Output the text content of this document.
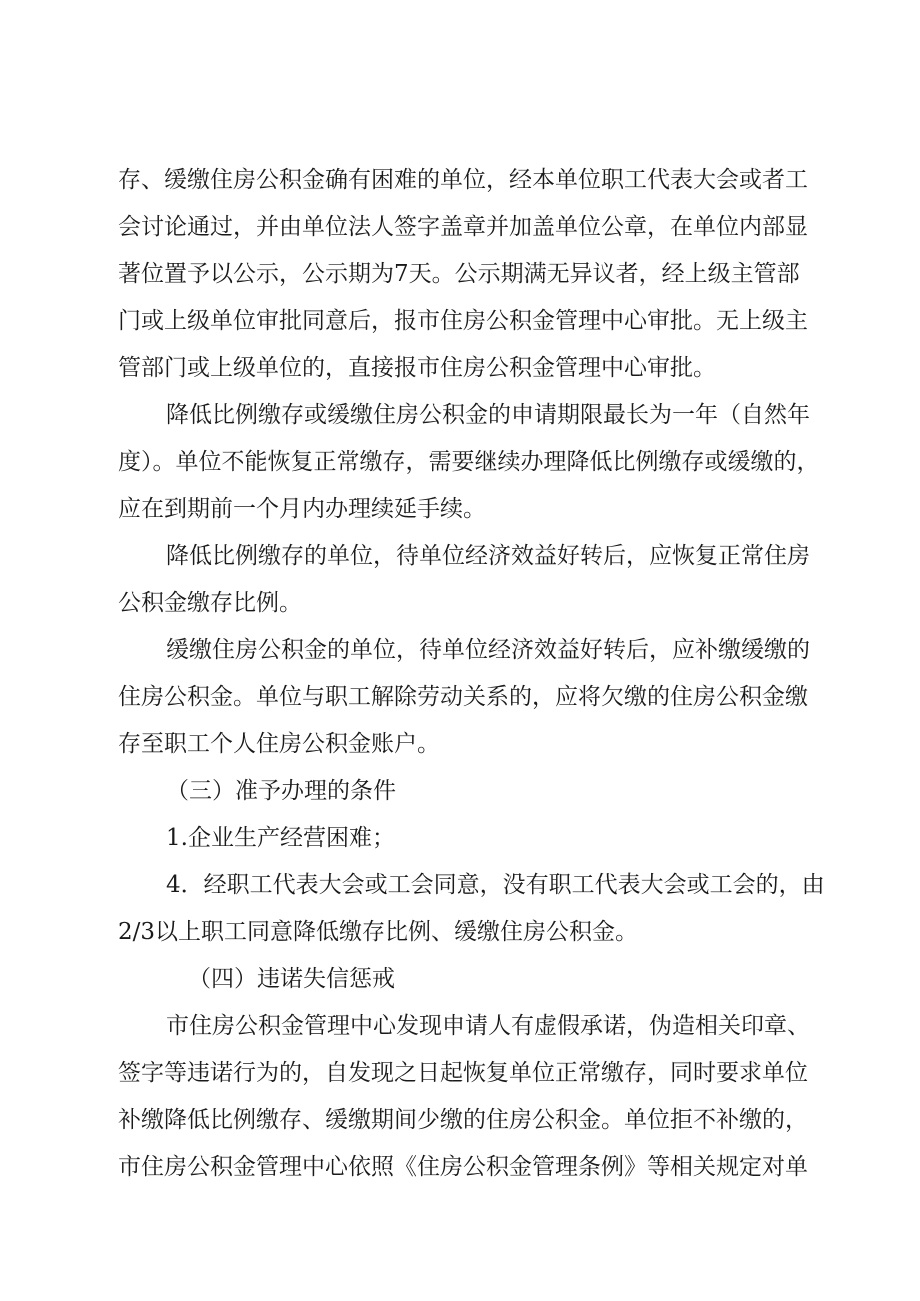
存、缓缴住房公积金确有困难的单位，经本单位职工代表大会或者工
会讨论通过，并由单位法人签字盖章并加盖单位公章，在单位内部显
著位置予以公示，公示期为7天。公示期满无异议者，经上级主管部
门或上级单位审批同意后，报市住房公积金管理中心审批。无上级主
管部门或上级单位的，直接报市住房公积金管理中心审批。
降低比例缴存或缓缴住房公积金的申请期限最长为一年（自然年
度）。单位不能恢复正常缴存，需要继续办理降低比例缴存或缓缴的，
应在到期前一个月内办理续延手续。
降低比例缴存的单位，待单位经济效益好转后，应恢复正常住房
公积金缴存比例。
缓缴住房公积金的单位，待单位经济效益好转后，应补缴缓缴的
住房公积金。单位与职工解除劳动关系的，应将欠缴的住房公积金缴
存至职工个人住房公积金账户。
（三）准予办理的条件
1.企业生产经营困难；
4．经职工代表大会或工会同意，没有职工代表大会或工会的，由
2/3以上职工同意降低缴存比例、缓缴住房公积金。
（四）违诺失信惩戒
市住房公积金管理中心发现申请人有虚假承诺，伪造相关印章、
签字等违诺行为的，自发现之日起恢复单位正常缴存，同时要求单位
补缴降低比例缴存、缓缴期间少缴的住房公积金。单位拒不补缴的，
市住房公积金管理中心依照《住房公积金管理条例》等相关规定对单
